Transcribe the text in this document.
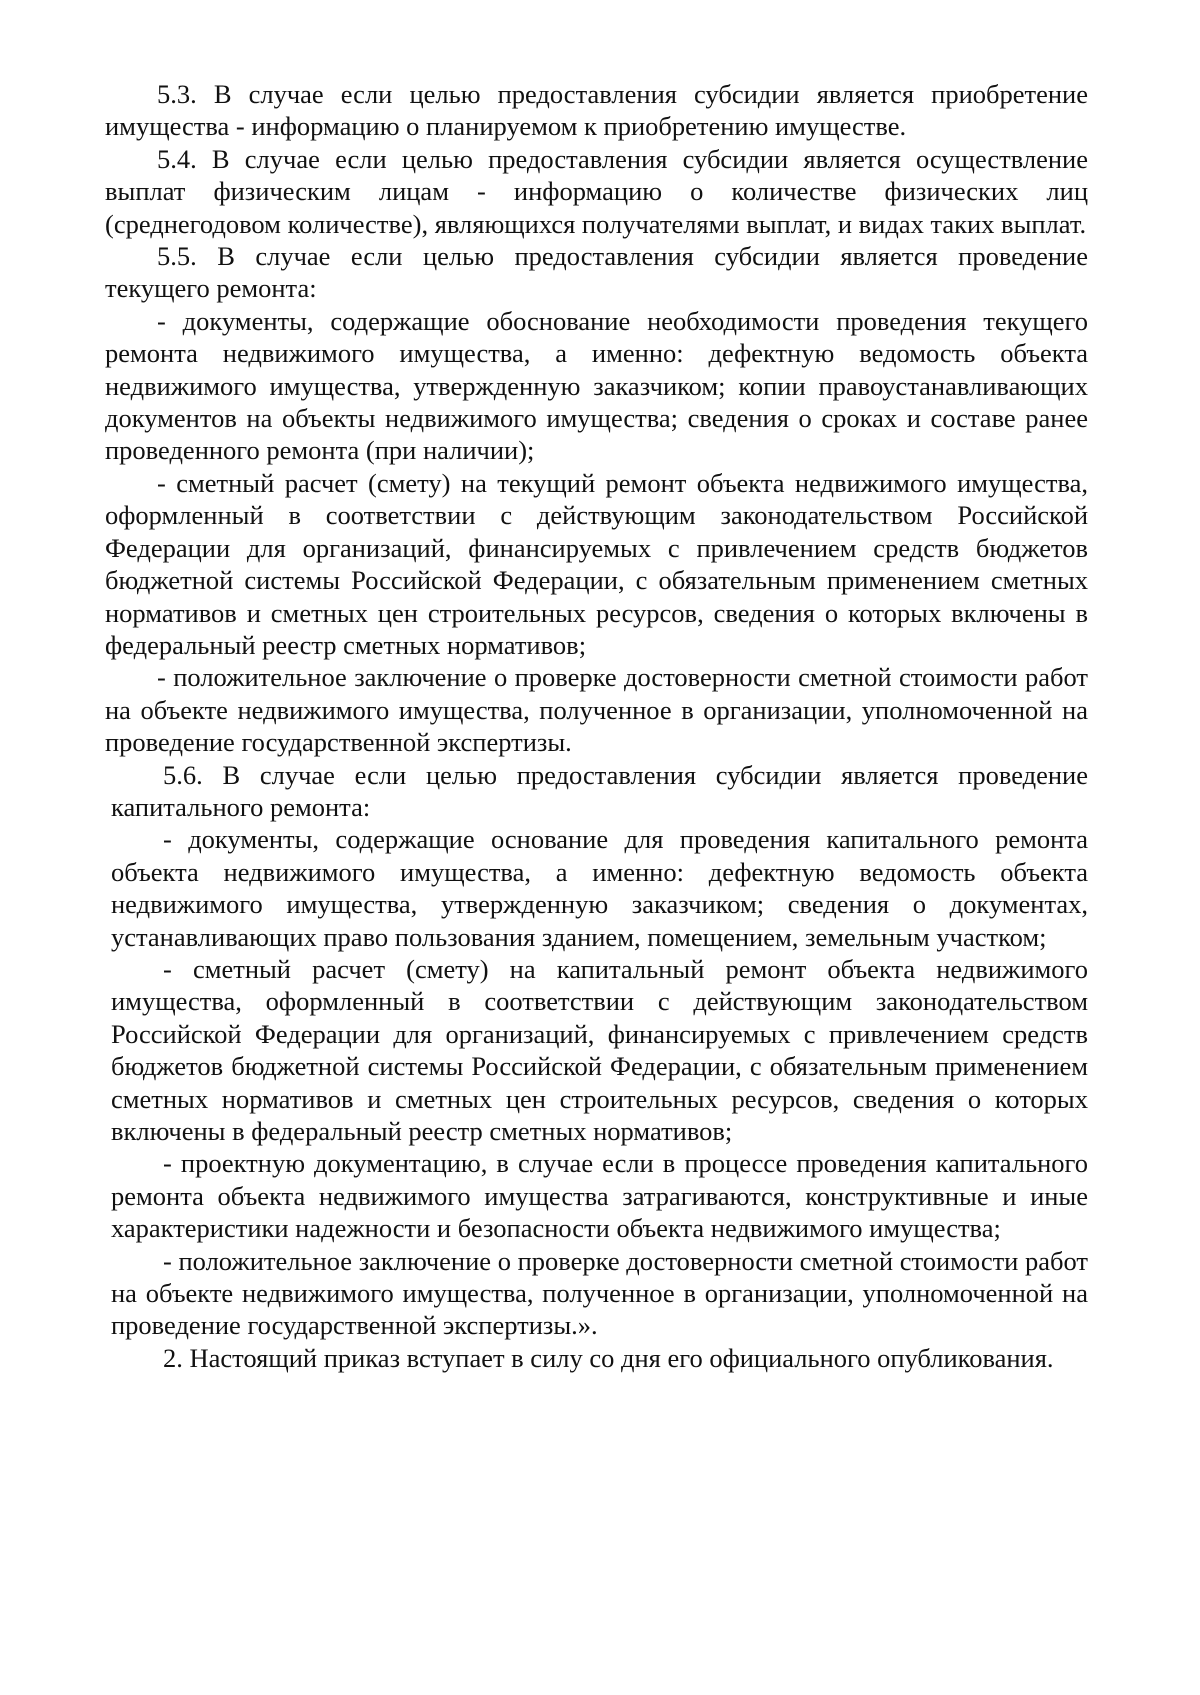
5.3. В случае если целью предоставления субсидии является приобретение имущества - информацию о планируемом к приобретению имуществе.

5.4. В случае если целью предоставления субсидии является осуществление выплат физическим лицам - информацию о количестве физических лиц (среднегодовом количестве), являющихся получателями выплат, и видах таких выплат.

5.5. В случае если целью предоставления субсидии является проведение текущего ремонта:

- документы, содержащие обоснование необходимости проведения текущего ремонта недвижимого имущества, а именно: дефектную ведомость объекта недвижимого имущества, утвержденную заказчиком; копии правоустанавливающих документов на объекты недвижимого имущества; сведения о сроках и составе ранее проведенного ремонта (при наличии);

- сметный расчет (смету) на текущий ремонт объекта недвижимого имущества, оформленный в соответствии с действующим законодательством Российской Федерации для организаций, финансируемых с привлечением средств бюджетов бюджетной системы Российской Федерации, с обязательным применением сметных нормативов и сметных цен строительных ресурсов, сведения о которых включены в федеральный реестр сметных нормативов;

- положительное заключение о проверке достоверности сметной стоимости работ на объекте недвижимого имущества, полученное в организации, уполномоченной на проведение государственной экспертизы.

5.6. В случае если целью предоставления субсидии является проведение капитального ремонта:

- документы, содержащие основание для проведения капитального ремонта объекта недвижимого имущества, а именно: дефектную ведомость объекта недвижимого имущества, утвержденную заказчиком; сведения о документах, устанавливающих право пользования зданием, помещением, земельным участком;

- сметный расчет (смету) на капитальный ремонт объекта недвижимого имущества, оформленный в соответствии с действующим законодательством Российской Федерации для организаций, финансируемых с привлечением средств бюджетов бюджетной системы Российской Федерации, с обязательным применением сметных нормативов и сметных цен строительных ресурсов, сведения о которых включены в федеральный реестр сметных нормативов;

- проектную документацию, в случае если в процессе проведения капитального ремонта объекта недвижимого имущества затрагиваются, конструктивные и иные характеристики надежности и безопасности объекта недвижимого имущества;

- положительное заключение о проверке достоверности сметной стоимости работ на объекте недвижимого имущества, полученное в организации, уполномоченной на проведение государственной экспертизы.».

2. Настоящий приказ вступает в силу со дня его официального опубликования.
